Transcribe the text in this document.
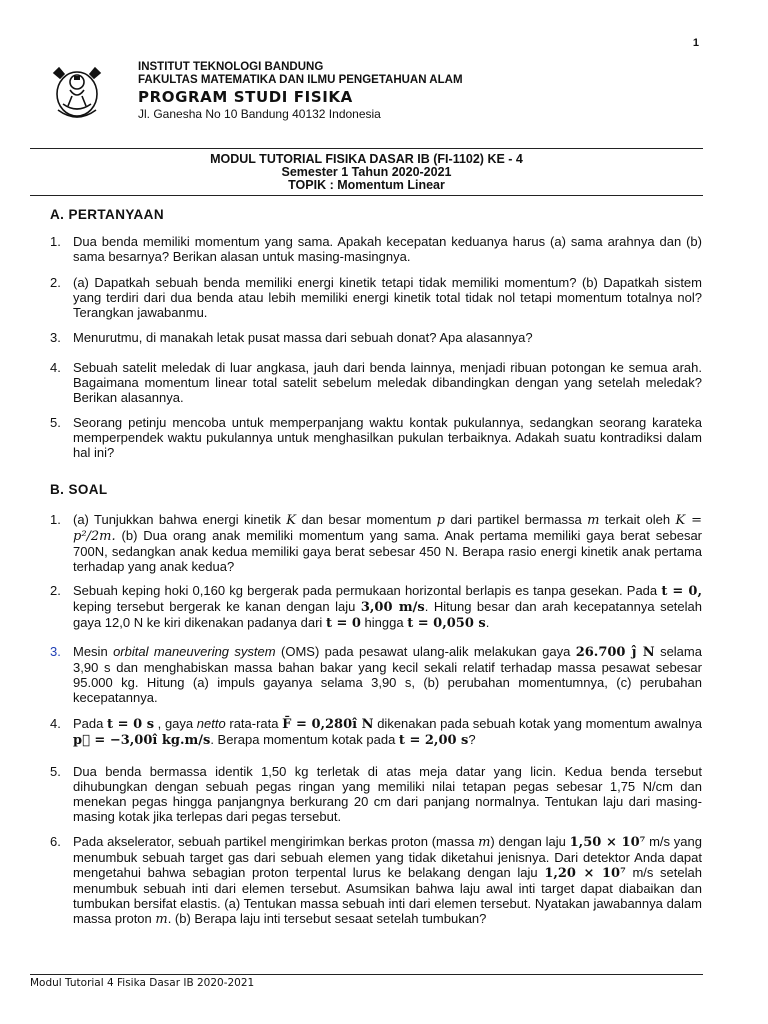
1
INSTITUT TEKNOLOGI BANDUNG
FAKULTAS MATEMATIKA DAN ILMU PENGETAHUAN ALAM
PROGRAM STUDI FISIKA
Jl. Ganesha No 10 Bandung 40132 Indonesia
MODUL TUTORIAL FISIKA DASAR IB (FI-1102) KE - 4
Semester 1 Tahun 2020-2021
TOPIK : Momentum Linear
A. PERTANYAAN
1. Dua benda memiliki momentum yang sama. Apakah kecepatan keduanya harus (a) sama arahnya dan (b) sama besarnya? Berikan alasan untuk masing-masingnya.
2. (a) Dapatkah sebuah benda memiliki energi kinetik tetapi tidak memiliki momentum? (b) Dapatkah sistem yang terdiri dari dua benda atau lebih memiliki energi kinetik total tidak nol tetapi momentum totalnya nol? Terangkan jawabanmu.
3. Menurutmu, di manakah letak pusat massa dari sebuah donat? Apa alasannya?
4. Sebuah satelit meledak di luar angkasa, jauh dari benda lainnya, menjadi ribuan potongan ke semua arah. Bagaimana momentum linear total satelit sebelum meledak dibandingkan dengan yang setelah meledak? Berikan alasannya.
5. Seorang petinju mencoba untuk memperpanjang waktu kontak pukulannya, sedangkan seorang karateka memperpendek waktu pukulannya untuk menghasilkan pukulan terbaiknya. Adakah suatu kontradiksi dalam hal ini?
B. SOAL
1. (a) Tunjukkan bahwa energi kinetik K dan besar momentum p dari partikel bermassa m terkait oleh K = p²/2m. (b) Dua orang anak memiliki momentum yang sama. Anak pertama memiliki gaya berat sebesar 700N, sedangkan anak kedua memiliki gaya berat sebesar 450 N. Berapa rasio energi kinetik anak pertama terhadap yang anak kedua?
2. Sebuah keping hoki 0,160 kg bergerak pada permukaan horizontal berlapis es tanpa gesekan. Pada t = 0, keping tersebut bergerak ke kanan dengan laju 3,00 m/s. Hitung besar dan arah kecepatannya setelah gaya 12,0 N ke kiri dikenakan padanya dari t = 0 hingga t = 0,050 s.
3. Mesin orbital maneuvering system (OMS) pada pesawat ulang-alik melakukan gaya 26.700 ĵ N selama 3,90 s dan menghabiskan massa bahan bakar yang kecil sekali relatif terhadap massa pesawat sebesar 95.000 kg. Hitung (a) impuls gayanya selama 3,90 s, (b) perubahan momentumnya, (c) perubahan kecepatannya.
4. Pada t = 0 s , gaya netto rata-rata F̄ = 0,280î N dikenakan pada sebuah kotak yang momentum awalnya p⃗ = −3,00î kg.m/s. Berapa momentum kotak pada t = 2,00 s?
5. Dua benda bermassa identik 1,50 kg terletak di atas meja datar yang licin. Kedua benda tersebut dihubungkan dengan sebuah pegas ringan yang memiliki nilai tetapan pegas sebesar 1,75 N/cm dan menekan pegas hingga panjangnya berkurang 20 cm dari panjang normalnya. Tentukan laju dari masing-masing kotak jika terlepas dari pegas tersebut.
6. Pada akselerator, sebuah partikel mengirimkan berkas proton (massa m) dengan laju 1,50 × 10⁷ m/s yang menumbuk sebuah target gas dari sebuah elemen yang tidak diketahui jenisnya. Dari detektor Anda dapat mengetahui bahwa sebagian proton terpental lurus ke belakang dengan laju 1,20 × 10⁷ m/s setelah menumbuk sebuah inti dari elemen tersebut. Asumsikan bahwa laju awal inti target dapat diabaikan dan tumbukan bersifat elastis. (a) Tentukan massa sebuah inti dari elemen tersebut. Nyatakan jawabannya dalam massa proton m. (b) Berapa laju inti tersebut sesaat setelah tumbukan?
Modul Tutorial 4 Fisika Dasar IB 2020-2021
